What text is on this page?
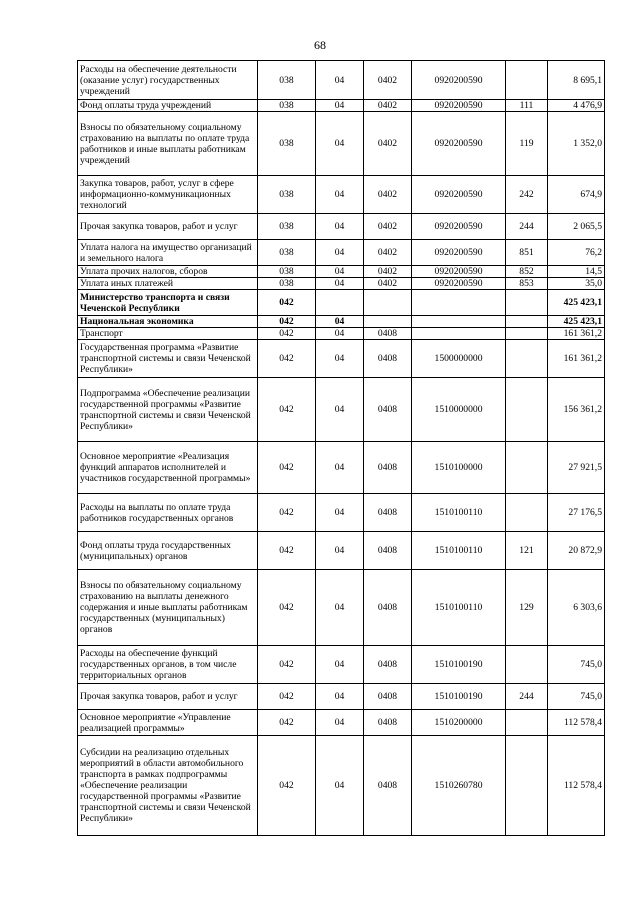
68
Расходы на обеспечение деятельности (оказание услуг) государственных учреждений	038	04	0402	0920200590		8 695,1
Фонд оплаты труда учреждений	038	04	0402	0920200590	111	4 476,9
Взносы по обязательному социальному страхованию на выплаты по оплате труда работников и иные выплаты работникам учреждений	038	04	0402	0920200590	119	1 352,0
Закупка товаров, работ, услуг в сфере информационно-коммуникационных технологий	038	04	0402	0920200590	242	674,9
Прочая закупка товаров, работ и услуг	038	04	0402	0920200590	244	2 065,5
Уплата налога на имущество организаций и земельного налога	038	04	0402	0920200590	851	76,2
Уплата прочих налогов, сборов	038	04	0402	0920200590	852	14,5
Уплата иных платежей	038	04	0402	0920200590	853	35,0
Министерство транспорта и связи Чеченской Республики	042					425 423,1
Национальная экономика	042	04				425 423,1
Транспорт	042	04	0408			161 361,2
Государственная программа «Развитие транспортной системы и связи Чеченской Республики»	042	04	0408	1500000000		161 361,2
Подпрограмма «Обеспечение реализации государственной программы «Развитие транспортной системы и связи Чеченской Республики»	042	04	0408	1510000000		156 361,2
Основное мероприятие «Реализация функций аппаратов исполнителей и участников государственной программы»	042	04	0408	1510100000		27 921,5
Расходы на выплаты по оплате труда работников государственных органов	042	04	0408	1510100110		27 176,5
Фонд оплаты труда государственных (муниципальных) органов	042	04	0408	1510100110	121	20 872,9
Взносы по обязательному социальному страхованию на выплаты денежного содержания и иные выплаты работникам государственных (муниципальных) органов	042	04	0408	1510100110	129	6 303,6
Расходы на обеспечение функций государственных органов, в том числе территориальных органов	042	04	0408	1510100190		745,0
Прочая закупка товаров, работ и услуг	042	04	0408	1510100190	244	745,0
Основное мероприятие «Управление реализацией программы»	042	04	0408	1510200000		112 578,4
Субсидии на реализацию отдельных мероприятий в области автомобильного транспорта в рамках подпрограммы «Обеспечение реализации государственной программы «Развитие транспортной системы и связи Чеченской Республики»	042	04	0408	1510260780		112 578,4
